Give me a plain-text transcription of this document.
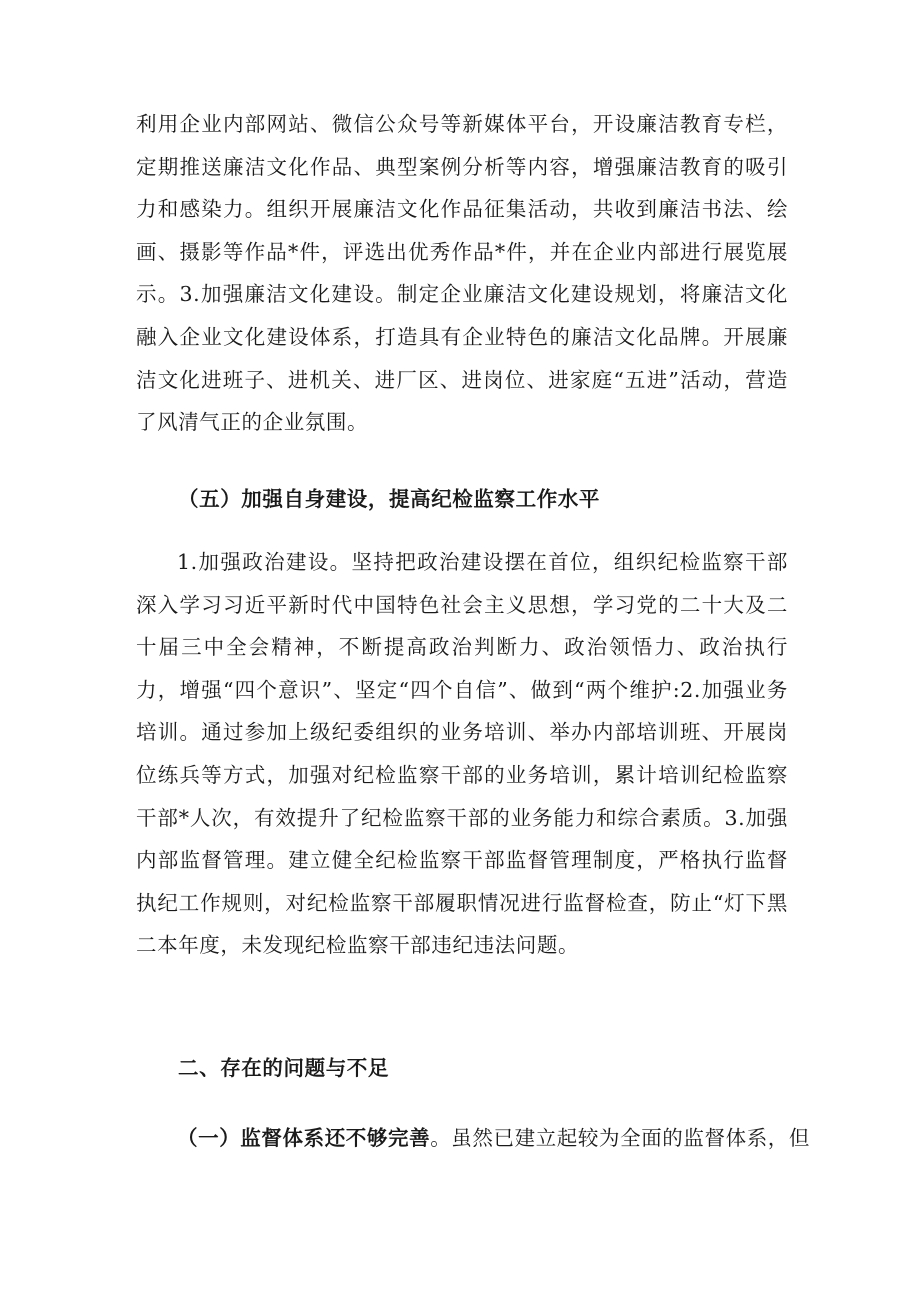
利用企业内部网站、微信公众号等新媒体平台，开设廉洁教育专栏，定期推送廉洁文化作品、典型案例分析等内容，增强廉洁教育的吸引力和感染力。组织开展廉洁文化作品征集活动，共收到廉洁书法、绘画、摄影等作品*件，评选出优秀作品*件，并在企业内部进行展览展示。3.加强廉洁文化建设。制定企业廉洁文化建设规划，将廉洁文化融入企业文化建设体系，打造具有企业特色的廉洁文化品牌。开展廉洁文化进班子、进机关、进厂区、进岗位、进家庭“五进”活动，营造了风清气正的企业氛围。

（五）加强自身建设，提高纪检监察工作水平

1.加强政治建设。坚持把政治建设摆在首位，组织纪检监察干部深入学习习近平新时代中国特色社会主义思想，学习党的二十大及二十届三中全会精神，不断提高政治判断力、政治领悟力、政治执行力，增强“四个意识”、坚定“四个自信”、做到“两个维护:2.加强业务培训。通过参加上级纪委组织的业务培训、举办内部培训班、开展岗位练兵等方式，加强对纪检监察干部的业务培训，累计培训纪检监察干部*人次，有效提升了纪检监察干部的业务能力和综合素质。3.加强内部监督管理。建立健全纪检监察干部监督管理制度，严格执行监督执纪工作规则，对纪检监察干部履职情况进行监督检查，防止“灯下黑二本年度，未发现纪检监察干部违纪违法问题。

二、存在的问题与不足

（一）监督体系还不够完善。虽然已建立起较为全面的监督体系，但
